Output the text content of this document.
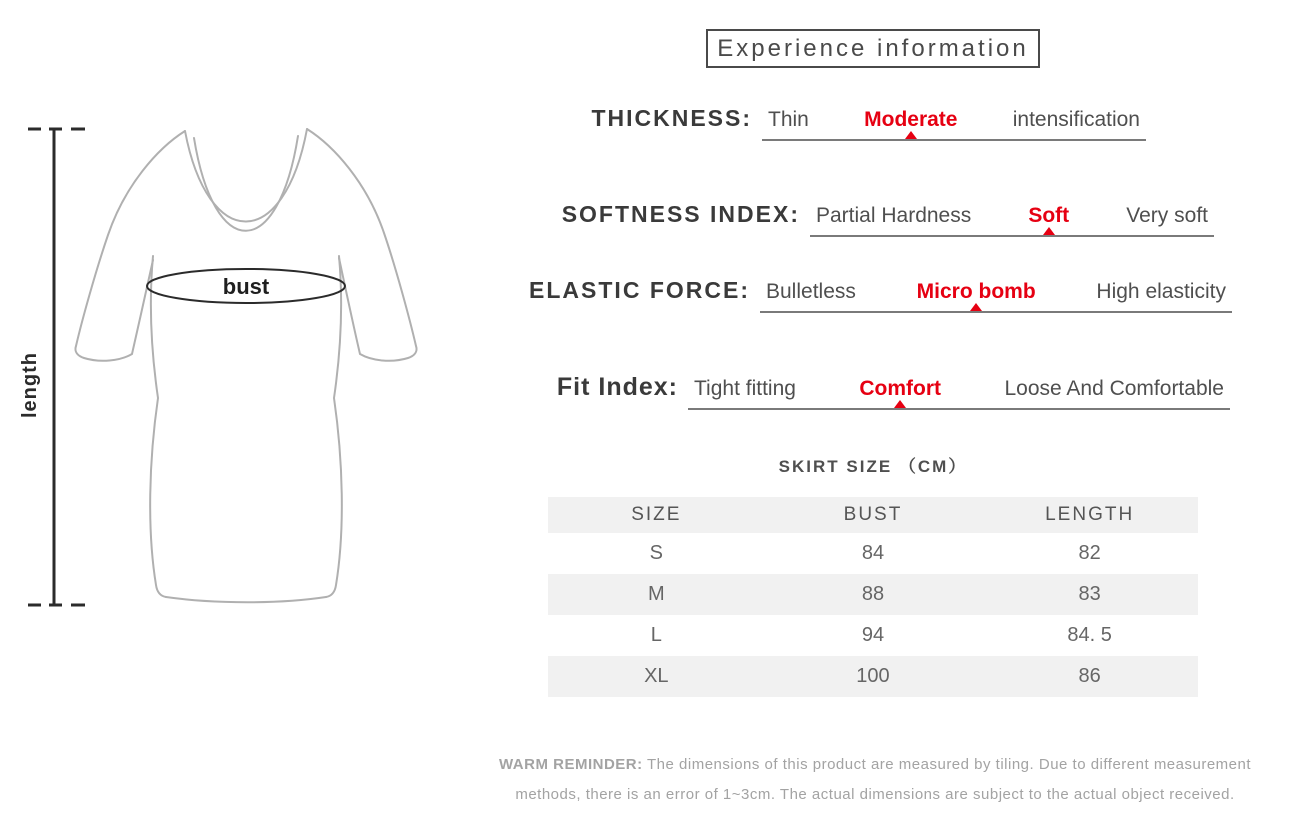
bust
length
Experience information
THICKNESS: Thin	Moderate	intensification
SOFTNESS INDEX: Partial Hardness	Soft	Very soft
ELASTIC FORCE: Bulletless	Micro bomb	High elasticity
Fit Index: Tight fitting	Comfort	Loose And Comfortable
SKIRT SIZE （CM）
SIZE	BUST	LENGTH
S	84	82
M	88	83
L	94	84. 5
XL	100	86
WARM REMINDER: The dimensions of this product are measured by tiling. Due to different measurement
methods, there is an error of 1~3cm. The actual dimensions are subject to the actual object received.
